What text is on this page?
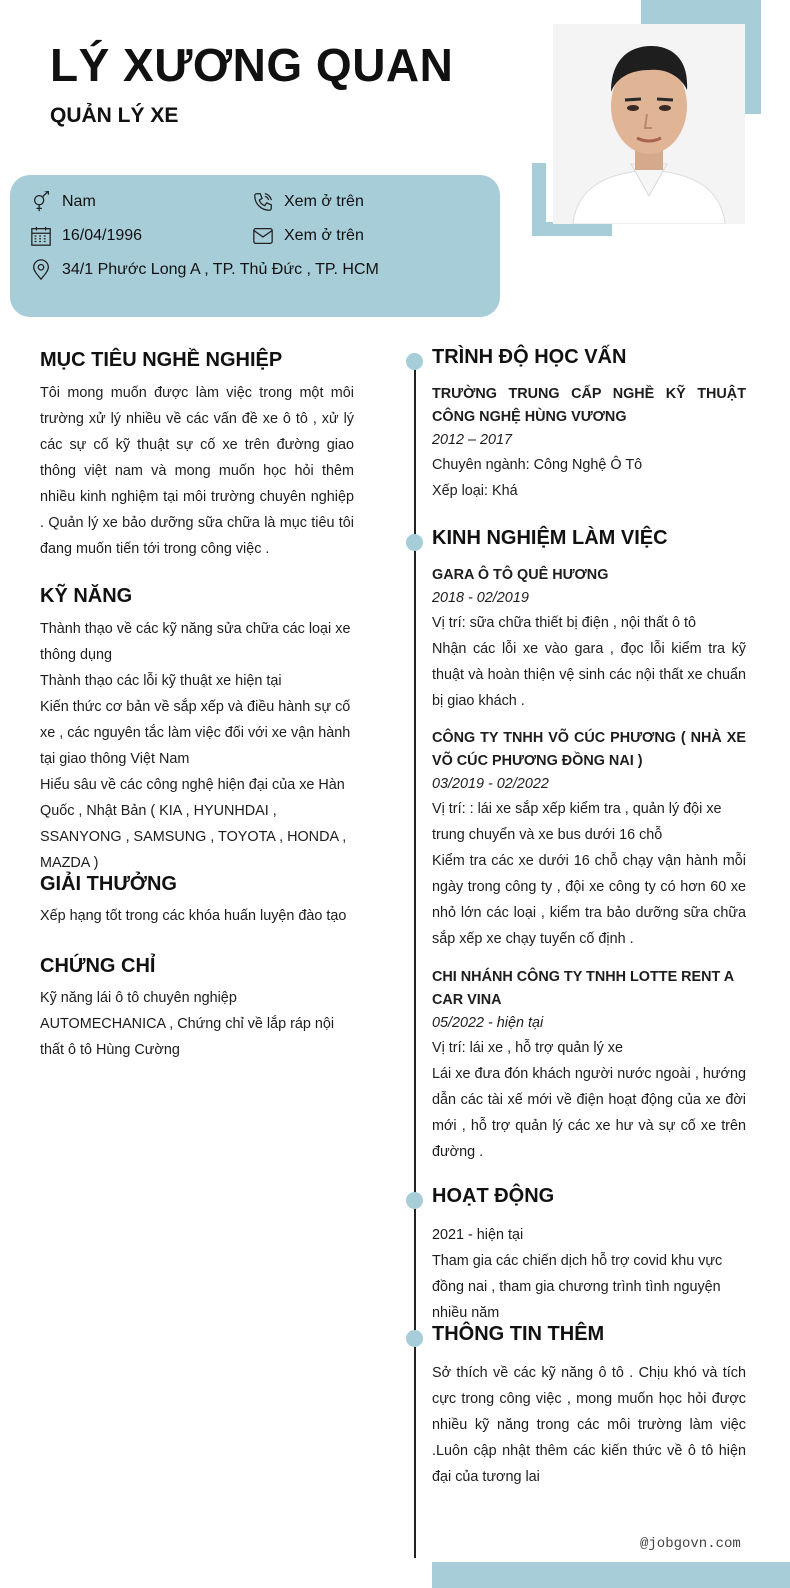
LÝ XƯƠNG QUAN
QUẢN LÝ XE
Nam	Xem ở trên
16/04/1996	Xem ở trên
34/1 Phước Long A , TP. Thủ Đức , TP. HCM
MỤC TIÊU NGHỀ NGHIỆP

Tôi mong muốn được làm việc trong một môi trường xử lý nhiều về các vấn đề xe ô tô , xử lý các sự cố kỹ thuật sự cố xe trên đường giao thông việt nam và mong muốn học hỏi thêm nhiều kinh nghiệm tại môi trường chuyên nghiệp . Quản lý xe bảo dưỡng sữa chữa là mục tiêu tôi đang muốn tiến tới trong công việc .

KỸ NĂNG
Thành thạo về các kỹ năng sửa chữa các loại xe thông dụng
Thành thạo các lỗi kỹ thuật xe hiện tại
Kiến thức cơ bản về sắp xếp và điều hành sự cố xe , các nguyên tắc làm việc đối với xe vận hành tại giao thông Việt Nam
Hiểu sâu về các công nghệ hiện đại của xe Hàn Quốc , Nhật Bản ( KIA , HYUNHDAI , SSANYONG , SAMSUNG , TOYOTA , HONDA , MAZDA )
GIẢI THƯỞNG

Xếp hạng tốt trong các khóa huấn luyện đào tạo

CHỨNG CHỈ

Kỹ năng lái ô tô chuyên nghiệp AUTOMECHANICA , Chứng chỉ về lắp ráp nội thất ô tô Hùng Cường

TRÌNH ĐỘ HỌC VẤN
TRƯỜNG TRUNG CẤP NGHỀ KỸ THUẬT CÔNG NGHỆ HÙNG VƯƠNG
2012 – 2017
Chuyên ngành: Công Nghệ Ô Tô
Xếp loại: Khá
KINH NGHIỆM LÀM VIỆC
GARA Ô TÔ QUÊ HƯƠNG
2018 - 02/2019
Vị trí: sữa chữa thiết bị điện , nội thất ô tô
Nhận các lỗi xe vào gara , đọc lỗi kiểm tra kỹ thuật và hoàn thiện vệ sinh các nội thất xe chuẩn bị giao khách .
CÔNG TY TNHH VÕ CÚC PHƯƠNG ( NHÀ XE VÕ CÚC PHƯƠNG ĐỒNG NAI )
03/2019 - 02/2022
Vị trí: : lái xe sắp xếp kiểm tra , quản lý đội xe trung chuyển và xe bus dưới 16 chỗ
Kiểm tra các xe dưới 16 chỗ chạy vận hành mỗi ngày trong công ty , đội xe công ty có hơn 60 xe nhỏ lớn các loại , kiểm tra bảo dưỡng sữa chữa sắp xếp xe chạy tuyến cố định .
CHI NHÁNH CÔNG TY TNHH LOTTE RENT A CAR VINA
05/2022 - hiện tại
Vị trí: lái xe , hỗ trợ quản lý xe
Lái xe đưa đón khách người nước ngoài , hướng dẫn các tài xế mới về điện hoạt động của xe đời mới , hỗ trợ quản lý các xe hư và sự cố xe trên đường .
HOẠT ĐỘNG
2021 - hiện tại
Tham gia các chiến dịch hỗ trợ covid khu vực đồng nai , tham gia chương trình tình nguyện nhiều năm
THÔNG TIN THÊM

Sở thích về các kỹ năng ô tô . Chịu khó và tích cực trong công việc , mong muốn học hỏi được nhiều kỹ năng trong các môi trường làm việc .Luôn cập nhật thêm các kiến thức về ô tô hiện đại của tương lai

@jobgovn.com
